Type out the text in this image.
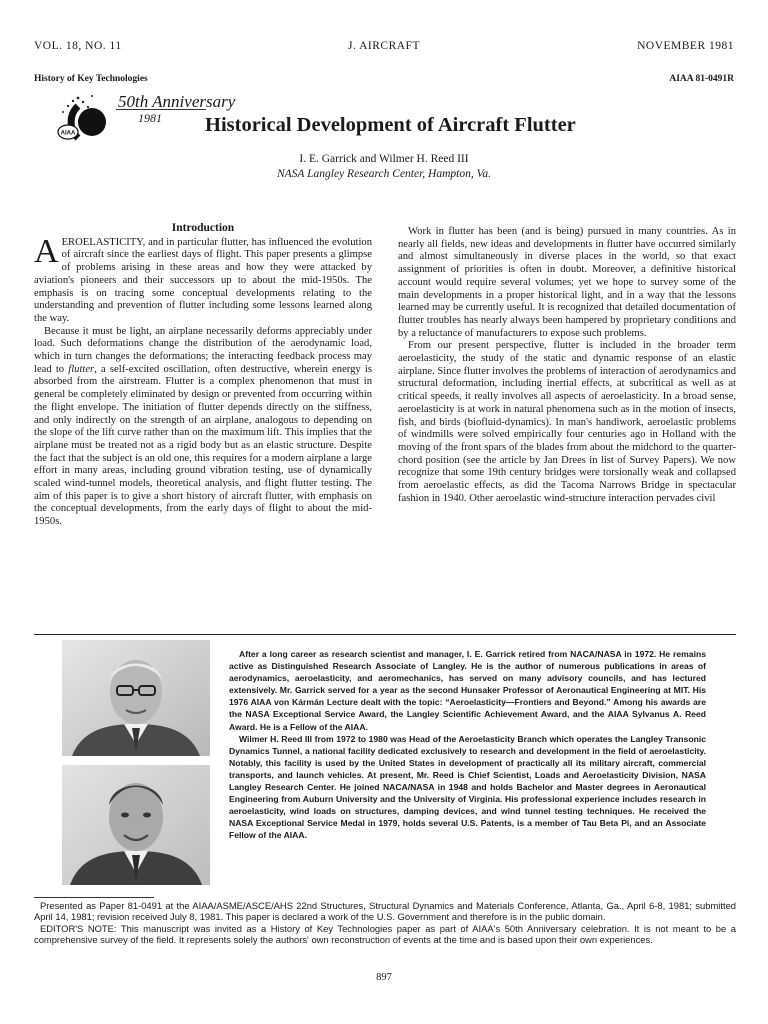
VOL. 18, NO. 11	J. AIRCRAFT	NOVEMBER 1981
History of Key Technologies	AIAA 81-0491R
AIAA
50th Anniversary
1981 Historical Development of Aircraft Flutter
I. E. Garrick and Wilmer H. Reed III
NASA Langley Research Center, Hampton, Va.
Introduction

AEROELASTICITY, and in particular flutter, has influenced the evolution of aircraft since the earliest days of flight. This paper presents a glimpse of problems arising in these areas and how they were attacked by aviation's pioneers and their successors up to about the mid-1950s. The emphasis is on tracing some conceptual developments relating to the understanding and prevention of flutter including some lessons learned along the way.

Because it must be light, an airplane necessarily deforms appreciably under load. Such deformations change the distribution of the aerodynamic load, which in turn changes the deformations; the interacting feedback process may lead to flutter, a self-excited oscillation, often destructive, wherein energy is absorbed from the airstream. Flutter is a complex phenomenon that must in general be completely eliminated by design or prevented from occurring within the flight envelope. The initiation of flutter depends directly on the stiffness, and only indirectly on the strength of an airplane, analogous to depending on the slope of the lift curve rather than on the maximum lift. This implies that the airplane must be treated not as a rigid body but as an elastic structure. Despite the fact that the subject is an old one, this requires for a modern airplane a large effort in many areas, including ground vibration testing, use of dynamically scaled wind-tunnel models, theoretical analysis, and flight flutter testing. The aim of this paper is to give a short history of aircraft flutter, with emphasis on the conceptual developments, from the early days of flight to about the mid-1950s.

Work in flutter has been (and is being) pursued in many countries. As in nearly all fields, new ideas and developments in flutter have occurred similarly and almost simultaneously in diverse places in the world, so that exact assignment of priorities is often in doubt. Moreover, a definitive historical account would require several volumes; yet we hope to survey some of the main developments in a proper historical light, and in a way that the lessons learned may be currently useful. It is recognized that detailed documentation of flutter troubles has nearly always been hampered by proprietary conditions and by a reluctance of manufacturers to expose such problems.

From our present perspective, flutter is included in the broader term aeroelasticity, the study of the static and dynamic response of an elastic airplane. Since flutter involves the problems of interaction of aerodynamics and structural deformation, including inertial effects, at subcritical as well as at critical speeds, it really involves all aspects of aeroelasticity. In a broad sense, aeroelasticity is at work in natural phenomena such as in the motion of insects, fish, and birds (biofluid-dynamics). In man's handiwork, aeroelastic problems of windmills were solved empirically four centuries ago in Holland with the moving of the front spars of the blades from about the midchord to the quarter-chord position (see the article by Jan Drees in list of Survey Papers). We now recognize that some 19th century bridges were torsionally weak and collapsed from aeroelastic effects, as did the Tacoma Narrows Bridge in spectacular fashion in 1940. Other aeroelastic wind-structure interaction pervades civil

After a long career as research scientist and manager, I. E. Garrick retired from NACA/NASA in 1972. He remains active as Distinguished Research Associate of Langley. He is the author of numerous publications in areas of aerodynamics, aeroelasticity, and aeromechanics, has served on many advisory councils, and has lectured extensively. Mr. Garrick served for a year as the second Hunsaker Professor of Aeronautical Engineering at MIT. His 1976 AIAA von Kármán Lecture dealt with the topic: “Aeroelasticity—Frontiers and Beyond.” Among his awards are the NASA Exceptional Service Award, the Langley Scientific Achievement Award, and the AIAA Sylvanus A. Reed Award. He is a Fellow of the AIAA.

Wilmer H. Reed III from 1972 to 1980 was Head of the Aeroelasticity Branch which operates the Langley Transonic Dynamics Tunnel, a national facility dedicated exclusively to research and development in the field of aeroelasticity. Notably, this facility is used by the United States in development of practically all its military aircraft, commercial transports, and launch vehicles. At present, Mr. Reed is Chief Scientist, Loads and Aeroelasticity Division, NASA Langley Research Center. He joined NACA/NASA in 1948 and holds Bachelor and Master degrees in Aeronautical Engineering from Auburn University and the University of Virginia. His professional experience includes research in aeroelasticity, wind loads on structures, damping devices, and wind tunnel testing techniques. He received the NASA Exceptional Service Medal in 1979, holds several U.S. Patents, is a member of Tau Beta Pi, and an Associate Fellow of the AIAA.

Presented as Paper 81-0491 at the AIAA/ASME/ASCE/AHS 22nd Structures, Structural Dynamics and Materials Conference, Atlanta, Ga., April 6-8, 1981; submitted April 14, 1981; revision received July 8, 1981. This paper is declared a work of the U.S. Government and therefore is in the public domain.

EDITOR'S NOTE: This manuscript was invited as a History of Key Technologies paper as part of AIAA's 50th Anniversary celebration. It is not meant to be a comprehensive survey of the field. It represents solely the authors' own reconstruction of events at the time and is based upon their own experiences.

897
